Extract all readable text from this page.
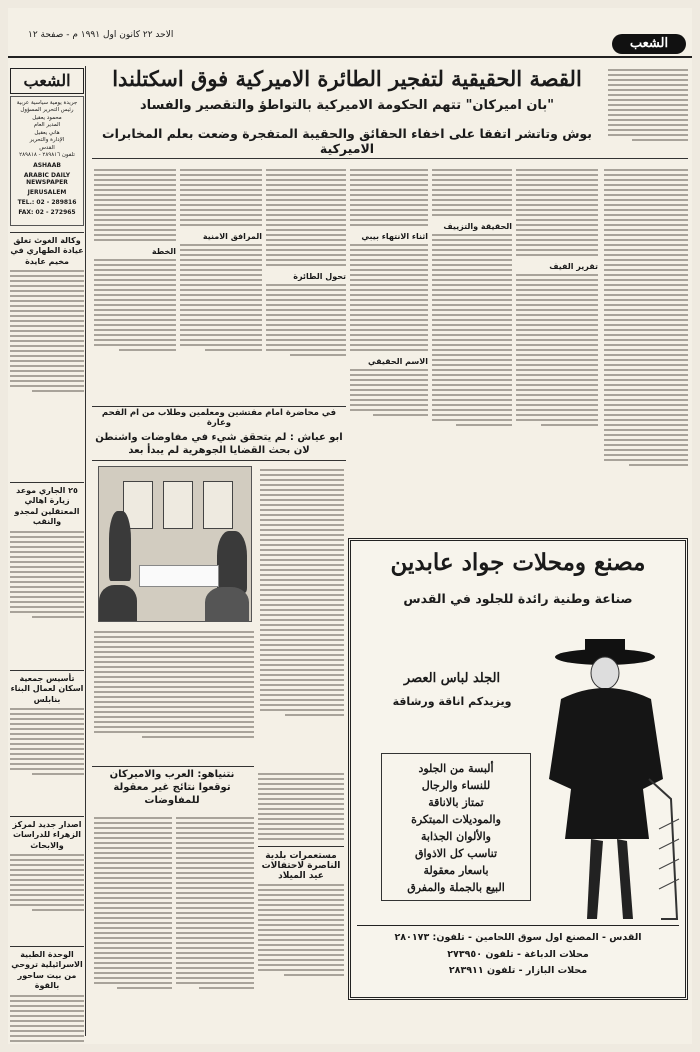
الاحد ٢٢ كانون اول ١٩٩١ م - صفحة ١٢
الشعب
الشعب
جريدة يومية سياسية عربية
رئيس التحرير المسؤول
محمود يعقيل
المدير العام
هاني يعقيل
الإدارة والتحرير
القدس
تلفون ٢٨٩٨١٦ - ٢٨٩٨١٨
ASHAAB
ARABIC DAILY NEWSPAPER
JERUSALEM
TEL.: 02 - 289816
FAX: 02 - 272965
وكالة الغوث تغلق عيادة الطهاري في مخيم عايدة
٢٥ الجاري موعد زيارة اهالي المعتقلين لمجدو والنقب
تأسيس جمعية اسكان لعمال البناء بنابلس
اصدار جديد لمركز الزهراء للدراسات والابحاث
الوحدة الطبية الاسرائيلية تروحي من بيت ساحور بالقوة
القصة الحقيقية لتفجير الطائرة الاميركية فوق اسكتلندا
"بان اميركان" تتهم الحكومة الاميركية بالتواطؤ والتقصير والفساد
بوش وتاتشر اتفقا على اخفاء الحقائق والحقيبة المتفجرة وضعت بعلم المخابرات الاميركية
تقرير الفيف
الحقيقة والتزييف
اثناء الانتهاء بيبي
الاسم الحقيقي
تحول الطائرة
المرافق الامنية
الخطة
في محاضرة امام مفتشين ومعلمين وطلاب من ام الفحم وعارة
ابو عياش : لم يتحقق شيء في مفاوضات واشنطن لان بحث القضايا الجوهرية لم يبدأ بعد
نتنياهو: العرب والاميركان توقعوا نتائج غير معقولة للمفاوضات
مستعمرات بلدية الناصرة لاحتفالات عيد الميلاد
مصنع ومحلات جواد عابدين
صناعة وطنية رائدة للجلود في القدس
الجلد لباس العصر
ويزيدكم اناقة ورشاقة
ألبسة من الجلود
للنساء والرجال
تمتاز بالاناقة
والموديلات المبتكرة
والألوان الجذابة
تناسب كل الاذواق
باسعار معقولة
البيع بالجملة والمفرق
القدس - المصنع اول سوق اللحامين - تلفون: ٢٨٠١٧٣
محلات الدباغة - تلفون ٢٧٣٩٥٠
محلات البازار - تلفون ٢٨٣٩١١
